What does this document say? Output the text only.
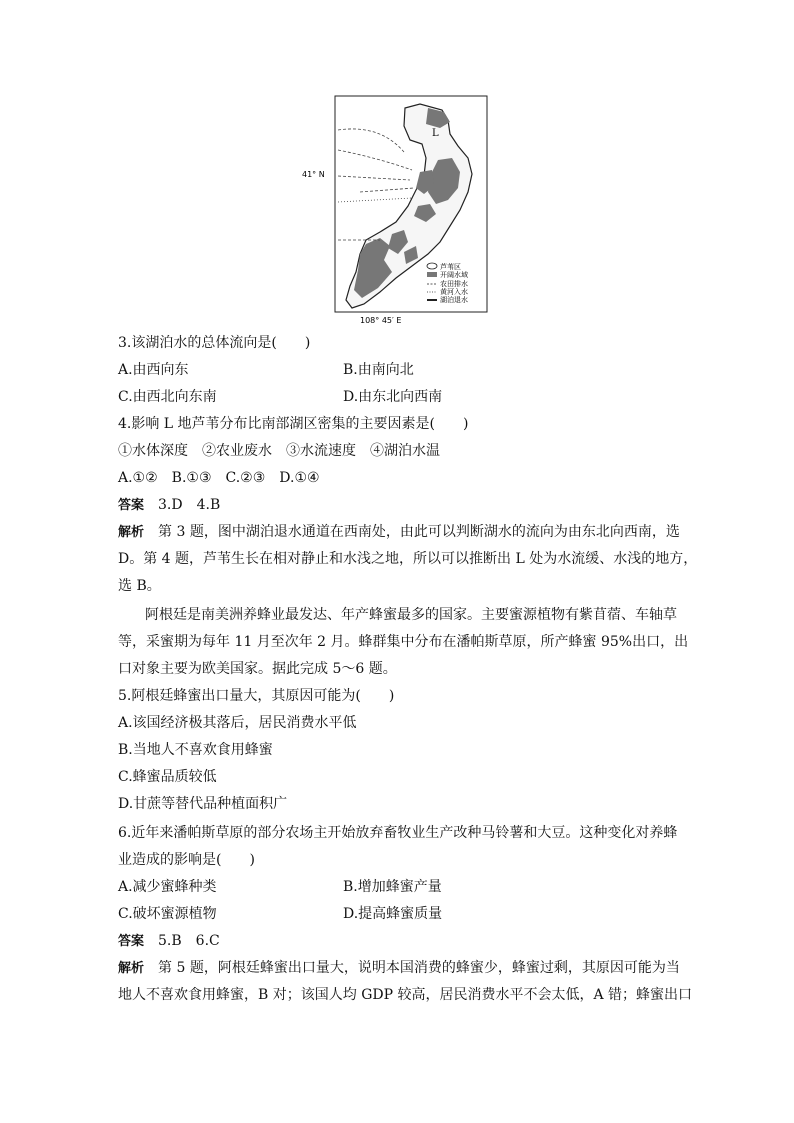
41° N
108° 45′ E
L
芦苇区
开阔水域
农田排水
黄河入水
湖泊退水
3.该湖泊水的总体流向是(　　)
A.由西向东	B.由南向北
C.由西北向东南	D.由东北向西南
4.影响 L 地芦苇分布比南部湖区密集的主要因素是(　　)
①水体深度　②农业废水　③水流速度　④湖泊水温
A.①②　B.①③　C.②③　D.①④
答案 3.D　4.B
解析 第 3 题，图中湖泊退水通道在西南处，由此可以判断湖水的流向为由东北向西南，选
D。第 4 题，芦苇生长在相对静止和水浅之地，所以可以推断出 L 处为水流缓、水浅的地方，
选 B。
阿根廷是南美洲养蜂业最发达、年产蜂蜜最多的国家。主要蜜源植物有紫苜蓿、车轴草
等，采蜜期为每年 11 月至次年 2 月。蜂群集中分布在潘帕斯草原，所产蜂蜜 95%出口，出
口对象主要为欧美国家。据此完成 5～6 题。
5.阿根廷蜂蜜出口量大，其原因可能为(　　)
A.该国经济极其落后，居民消费水平低
B.当地人不喜欢食用蜂蜜
C.蜂蜜品质较低
D.甘蔗等替代品种植面积广
6.近年来潘帕斯草原的部分农场主开始放弃畜牧业生产改种马铃薯和大豆。这种变化对养蜂
业造成的影响是(　　)
A.减少蜜蜂种类	B.增加蜂蜜产量
C.破坏蜜源植物	D.提高蜂蜜质量
答案 5.B　6.C
解析 第 5 题，阿根廷蜂蜜出口量大，说明本国消费的蜂蜜少，蜂蜜过剩，其原因可能为当
地人不喜欢食用蜂蜜，B 对；该国人均 GDP 较高，居民消费水平不会太低，A 错；蜂蜜出口
